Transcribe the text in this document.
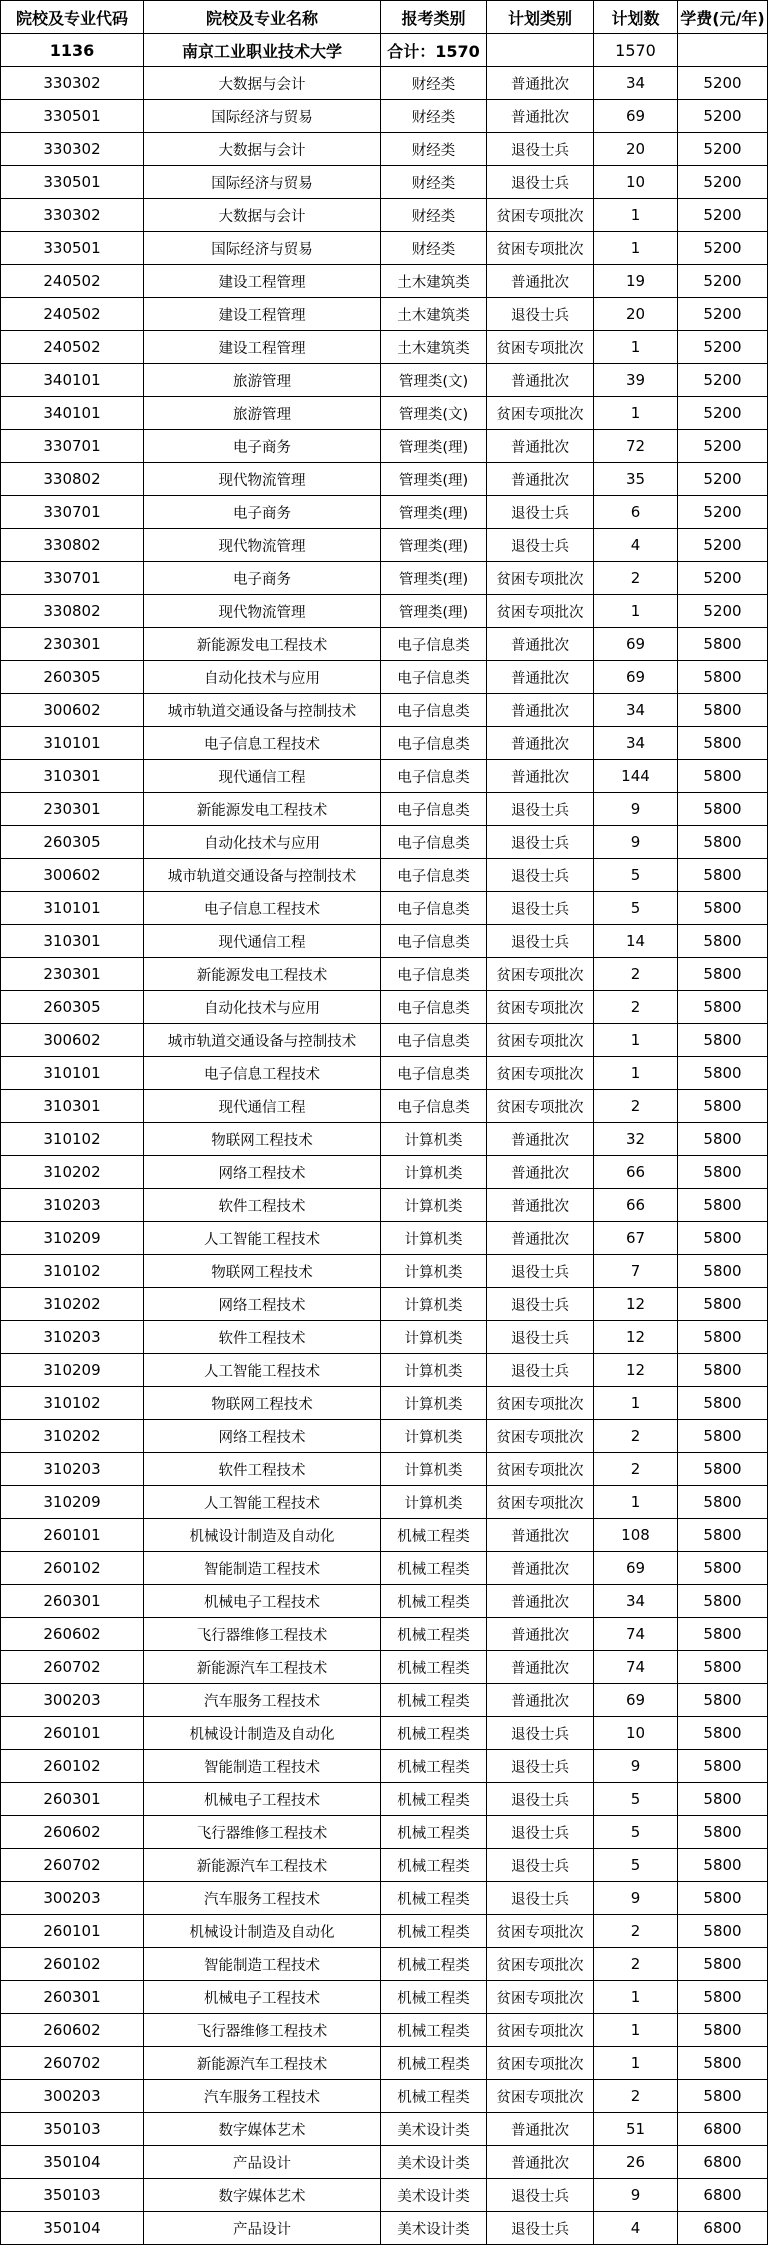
院校及专业代码	院校及专业名称	报考类别	计划类别	计划数	学费(元/年)
1136	南京工业职业技术大学	合计：1570		1570	
330302	大数据与会计	财经类	普通批次	34	5200
330501	国际经济与贸易	财经类	普通批次	69	5200
330302	大数据与会计	财经类	退役士兵	20	5200
330501	国际经济与贸易	财经类	退役士兵	10	5200
330302	大数据与会计	财经类	贫困专项批次	1	5200
330501	国际经济与贸易	财经类	贫困专项批次	1	5200
240502	建设工程管理	土木建筑类	普通批次	19	5200
240502	建设工程管理	土木建筑类	退役士兵	20	5200
240502	建设工程管理	土木建筑类	贫困专项批次	1	5200
340101	旅游管理	管理类(文)	普通批次	39	5200
340101	旅游管理	管理类(文)	贫困专项批次	1	5200
330701	电子商务	管理类(理)	普通批次	72	5200
330802	现代物流管理	管理类(理)	普通批次	35	5200
330701	电子商务	管理类(理)	退役士兵	6	5200
330802	现代物流管理	管理类(理)	退役士兵	4	5200
330701	电子商务	管理类(理)	贫困专项批次	2	5200
330802	现代物流管理	管理类(理)	贫困专项批次	1	5200
230301	新能源发电工程技术	电子信息类	普通批次	69	5800
260305	自动化技术与应用	电子信息类	普通批次	69	5800
300602	城市轨道交通设备与控制技术	电子信息类	普通批次	34	5800
310101	电子信息工程技术	电子信息类	普通批次	34	5800
310301	现代通信工程	电子信息类	普通批次	144	5800
230301	新能源发电工程技术	电子信息类	退役士兵	9	5800
260305	自动化技术与应用	电子信息类	退役士兵	9	5800
300602	城市轨道交通设备与控制技术	电子信息类	退役士兵	5	5800
310101	电子信息工程技术	电子信息类	退役士兵	5	5800
310301	现代通信工程	电子信息类	退役士兵	14	5800
230301	新能源发电工程技术	电子信息类	贫困专项批次	2	5800
260305	自动化技术与应用	电子信息类	贫困专项批次	2	5800
300602	城市轨道交通设备与控制技术	电子信息类	贫困专项批次	1	5800
310101	电子信息工程技术	电子信息类	贫困专项批次	1	5800
310301	现代通信工程	电子信息类	贫困专项批次	2	5800
310102	物联网工程技术	计算机类	普通批次	32	5800
310202	网络工程技术	计算机类	普通批次	66	5800
310203	软件工程技术	计算机类	普通批次	66	5800
310209	人工智能工程技术	计算机类	普通批次	67	5800
310102	物联网工程技术	计算机类	退役士兵	7	5800
310202	网络工程技术	计算机类	退役士兵	12	5800
310203	软件工程技术	计算机类	退役士兵	12	5800
310209	人工智能工程技术	计算机类	退役士兵	12	5800
310102	物联网工程技术	计算机类	贫困专项批次	1	5800
310202	网络工程技术	计算机类	贫困专项批次	2	5800
310203	软件工程技术	计算机类	贫困专项批次	2	5800
310209	人工智能工程技术	计算机类	贫困专项批次	1	5800
260101	机械设计制造及自动化	机械工程类	普通批次	108	5800
260102	智能制造工程技术	机械工程类	普通批次	69	5800
260301	机械电子工程技术	机械工程类	普通批次	34	5800
260602	飞行器维修工程技术	机械工程类	普通批次	74	5800
260702	新能源汽车工程技术	机械工程类	普通批次	74	5800
300203	汽车服务工程技术	机械工程类	普通批次	69	5800
260101	机械设计制造及自动化	机械工程类	退役士兵	10	5800
260102	智能制造工程技术	机械工程类	退役士兵	9	5800
260301	机械电子工程技术	机械工程类	退役士兵	5	5800
260602	飞行器维修工程技术	机械工程类	退役士兵	5	5800
260702	新能源汽车工程技术	机械工程类	退役士兵	5	5800
300203	汽车服务工程技术	机械工程类	退役士兵	9	5800
260101	机械设计制造及自动化	机械工程类	贫困专项批次	2	5800
260102	智能制造工程技术	机械工程类	贫困专项批次	2	5800
260301	机械电子工程技术	机械工程类	贫困专项批次	1	5800
260602	飞行器维修工程技术	机械工程类	贫困专项批次	1	5800
260702	新能源汽车工程技术	机械工程类	贫困专项批次	1	5800
300203	汽车服务工程技术	机械工程类	贫困专项批次	2	5800
350103	数字媒体艺术	美术设计类	普通批次	51	6800
350104	产品设计	美术设计类	普通批次	26	6800
350103	数字媒体艺术	美术设计类	退役士兵	9	6800
350104	产品设计	美术设计类	退役士兵	4	6800
